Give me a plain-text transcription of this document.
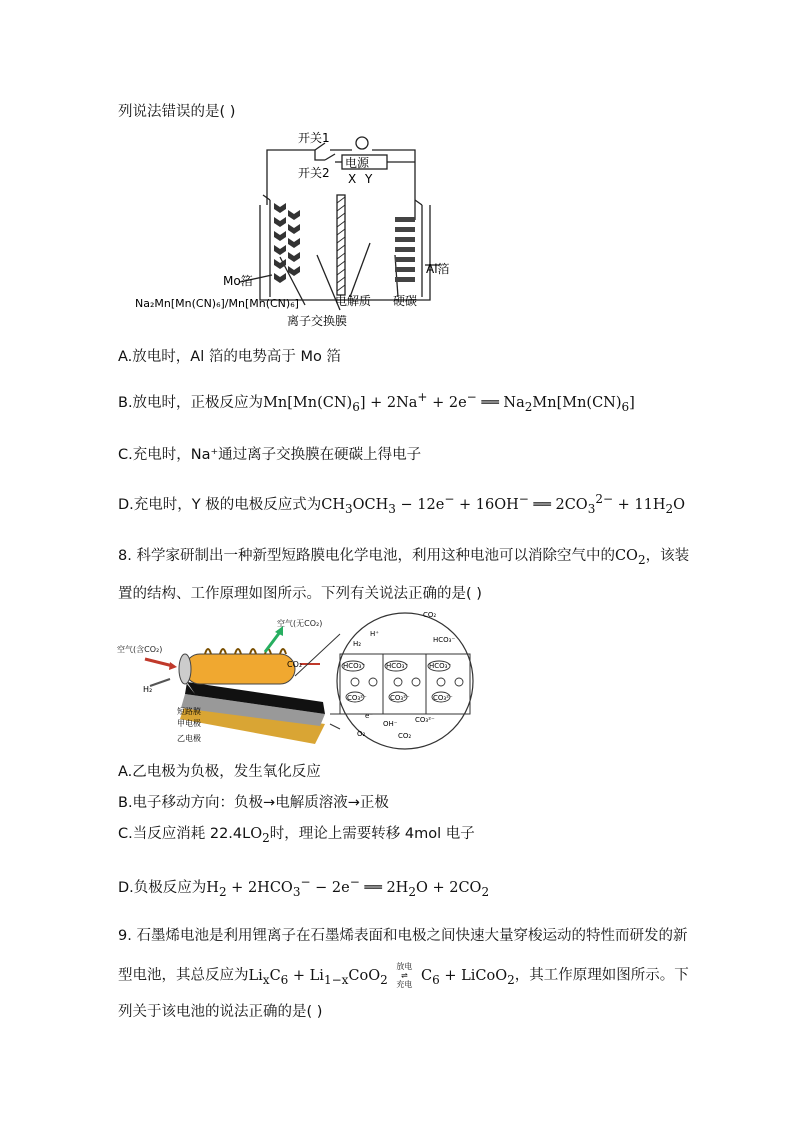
列说法错误的是( )
开关1
开关2
电源
X Y
Mo箔
Al箔
电解质 硬碳
离子交换膜
Na₂Mn[Mn(CN)₆]/Mn[Mn(CN)₆]
A.放电时，Al 箔的电势高于 Mo 箔
B.放电时，正极反应为$Mn[Mn(CN)_6] + 2Na^+ + 2e^-$ ══ $Na_2Mn[Mn(CN)_6]$
C.充电时，Na⁺通过离子交换膜在硬碳上得电子
D.充电时，Y 极的电极反应式为$CH_3OCH_3 - 12e^- + 16OH^-$ ══ $2CO_3^{2-} + 11H_2O$
8. 科学家研制出一种新型短路膜电化学电池，利用这种电池可以消除空气中的$CO_2$，该装
置的结构、工作原理如图所示。下列有关说法正确的是( )
HCO₃⁻	HCO₃⁻	HCO₃⁻
CO₃²⁻	CO₃²⁻	CO₃²⁻
H⁺
H₂	HCO₃⁻
CO₂
e⁻
O₂
OH⁻	CO₃²⁻
CO₂
空气(含CO₂)
空气(无CO₂)
CO₂
H₂
短路膜
甲电极
乙电极
A.乙电极为负极，发生氧化反应
B.电子移动方向：负极→电解质溶液→正极
C.当反应消耗 $22.4LO_2$时，理论上需要转移 4mol 电子
D.负极反应为$H_2 + 2HCO_3^- - 2e^-$ ══ $2H_2O + 2CO_2$
9. 石墨烯电池是利用锂离子在石墨烯表面和电极之间快速大量穿梭运动的特性而研发的新
型电池，其总反应为$Li_xC_6 + Li_{1-x}CoO_2$ 放电
⇌
充电 $C_6$ + LiCoO$_2$，其工作原理如图所示。下
列关于该电池的说法正确的是( )
